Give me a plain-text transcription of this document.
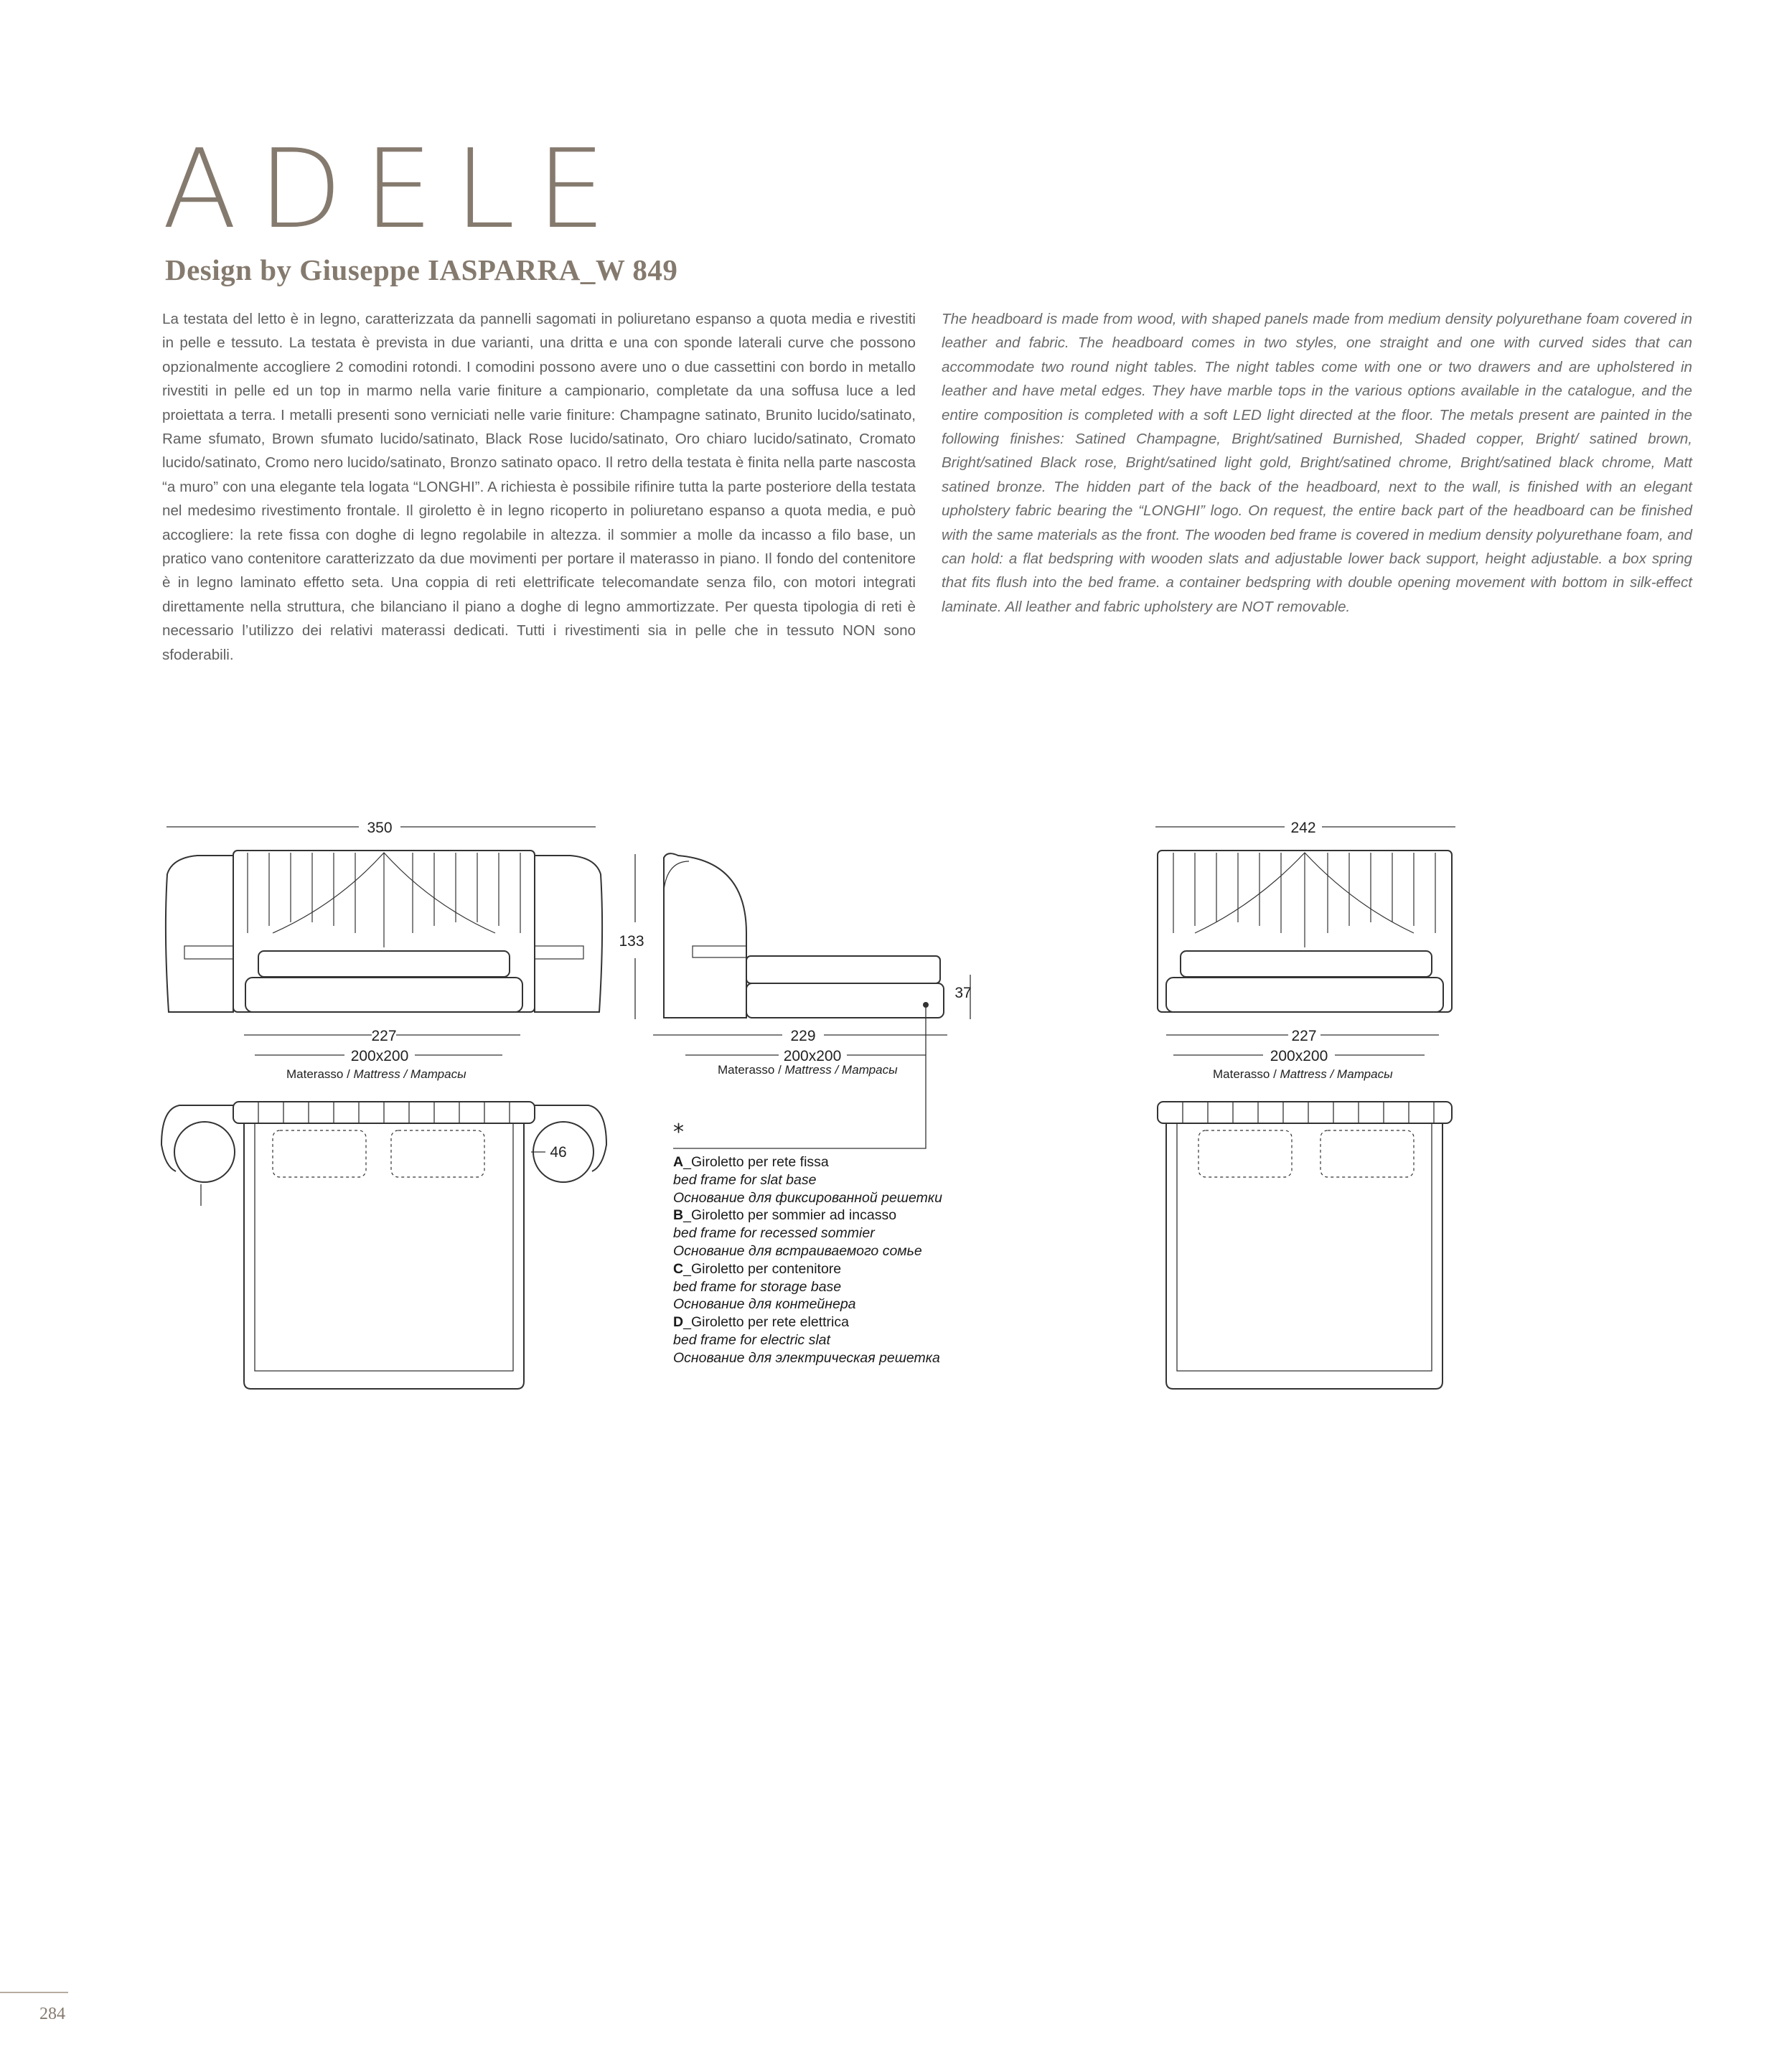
ADELE
Design by Giuseppe IASPARRA_W 849

La testata del letto è in legno, caratterizzata da pannelli sagomati in poliuretano espanso a quota media e rivestiti in pelle e tessuto. La testata è prevista in due varianti, una dritta e una con sponde laterali curve che possono opzionalmente accogliere 2 comodini rotondi. I comodini possono avere uno o due cassettini con bordo in metallo rivestiti in pelle ed un top in marmo nella varie finiture a campionario, completate da una soffusa luce a led proiettata a terra. I metalli presenti sono verniciati nelle varie finiture: Champagne satinato, Brunito lucido/satinato, Rame sfumato, Brown sfumato lucido/satinato, Black Rose lucido/satinato, Oro chiaro lucido/satinato, Cromato lucido/satinato, Cromo nero lucido/satinato, Bronzo satinato opaco. Il retro della testata è finita nella parte nascosta “a muro” con una elegante tela logata “LONGHI”. A richiesta è possibile rifinire tutta la parte posteriore della testata nel medesimo rivestimento frontale. Il giroletto è in legno ricoperto in poliuretano espanso a quota media, e può accogliere: la rete fissa con doghe di legno regolabile in altezza. il sommier a molle da incasso a filo base, un pratico vano contenitore caratterizzato da due movimenti per portare il materasso in piano. Il fondo del contenitore è in legno laminato effetto seta. Una coppia di reti elettrificate telecomandate senza filo, con motori integrati direttamente nella struttura, che bilanciano il piano a doghe di legno ammortizzate. Per questa tipologia di reti è necessario l’utilizzo dei relativi materassi dedicati. Tutti i rivestimenti sia in pelle che in tessuto NON sono sfoderabili.

The headboard is made from wood, with shaped panels made from medium density polyurethane foam covered in leather and fabric. The headboard comes in two styles, one straight and one with curved sides that can accommodate two round night tables. The night tables come with one or two drawers and are upholstered in leather and have metal edges. They have marble tops in the various options available in the catalogue, and the entire composition is completed with a soft LED light directed at the floor. The metals present are painted in the following finishes: Satined Champagne, Bright/satined Burnished, Shaded copper, Bright/ satined brown, Bright/satined Black rose, Bright/satined light gold, Bright/satined chrome, Bright/satined black chrome, Matt satined bronze. The hidden part of the back of the headboard, next to the wall, is finished with an elegant upholstery fabric bearing the “LONGHI” logo. On request, the entire back part of the headboard can be finished with the same materials as the front. The wooden bed frame is covered in medium density polyurethane foam, and can hold: a flat bedspring with wooden slats and adjustable lower back support, height adjustable. a box spring that fits flush into the bed frame. a container bedspring with double opening movement with bottom in silk-effect laminate. All leather and fabric upholstery are NOT removable.

350
133
37
227
200x200
229
200x200
242
227
200x200
46
Materasso / Mattress / Матрасы	Materasso / Mattress / Матрасы	Materasso / Mattress / Матрасы
*
A_Giroletto per rete fissa
bed frame for slat base
Основание для фиксированной решетки
B_Giroletto per sommier ad incasso
bed frame for recessed sommier
Основание для встраиваемого сомье
C_Giroletto per contenitore
bed frame for storage base
Основание для контейнера
D_Giroletto per rete elettrica
bed frame for electric slat
Основание для электрическая решетка
284
